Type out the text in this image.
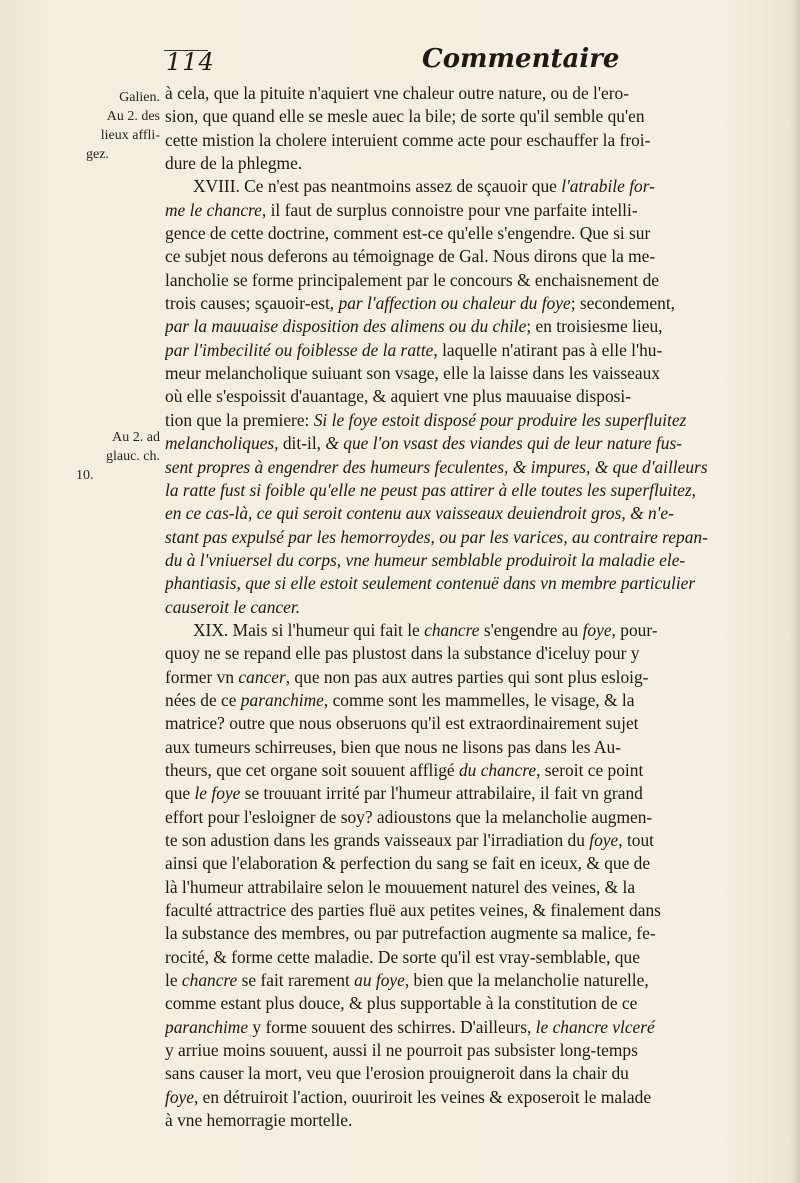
114	Commentaire
Galien.
Au 2. des
lieux affli-
gez.
Au 2. ad
glauc. ch.
10.
à cela, que la pituite n'aquiert vne chaleur outre nature, ou de l'ero-
sion, que quand elle se mesle auec la bile; de sorte qu'il semble qu'en
cette mistion la cholere interuient comme acte pour eschauffer la froi-
dure de la phlegme.
XVIII. Ce n'est pas neantmoins assez de sçauoir que l'atrabile for-
me le chancre, il faut de surplus connoistre pour vne parfaite intelli-
gence de cette doctrine, comment est-ce qu'elle s'engendre. Que si sur
ce subjet nous deferons au témoignage de Gal. Nous dirons que la me-
lancholie se forme principalement par le concours & enchaisnement de
trois causes; sçauoir-est, par l'affection ou chaleur du foye; secondement,
par la mauuaise disposition des alimens ou du chile; en troisiesme lieu,
par l'imbecilité ou foiblesse de la ratte, laquelle n'atirant pas à elle l'hu-
meur melancholique suiuant son vsage, elle la laisse dans les vaisseaux
où elle s'espoissit d'auantage, & aquiert vne plus mauuaise disposi-
tion que la premiere: Si le foye estoit disposé pour produire les superfluitez
melancholiques, dit-il, & que l'on vsast des viandes qui de leur nature fus-
sent propres à engendrer des humeurs feculentes, & impures, & que d'ailleurs
la ratte fust si foible qu'elle ne peust pas attirer à elle toutes les superfluitez,
en ce cas-là, ce qui seroit contenu aux vaisseaux deuiendroit gros, & n'e-
stant pas expulsé par les hemorroydes, ou par les varices, au contraire repan-
du à l'vniuersel du corps, vne humeur semblable produiroit la maladie ele-
phantiasis, que si elle estoit seulement contenuë dans vn membre particulier
causeroit le cancer.
XIX. Mais si l'humeur qui fait le chancre s'engendre au foye, pour-
quoy ne se repand elle pas plustost dans la substance d'iceluy pour y
former vn cancer, que non pas aux autres parties qui sont plus esloig-
nées de ce paranchime, comme sont les mammelles, le visage, & la
matrice? outre que nous obseruons qu'il est extraordinairement sujet
aux tumeurs schirreuses, bien que nous ne lisons pas dans les Au-
theurs, que cet organe soit souuent affligé du chancre, seroit ce point
que le foye se trouuant irrité par l'humeur attrabilaire, il fait vn grand
effort pour l'esloigner de soy? adioustons que la melancholie augmen-
te son adustion dans les grands vaisseaux par l'irradiation du foye, tout
ainsi que l'elaboration & perfection du sang se fait en iceux, & que de
là l'humeur attrabilaire selon le mouuement naturel des veines, & la
faculté attractrice des parties fluë aux petites veines, & finalement dans
la substance des membres, ou par putrefaction augmente sa malice, fe-
rocité, & forme cette maladie. De sorte qu'il est vray-semblable, que
le chancre se fait rarement au foye, bien que la melancholie naturelle,
comme estant plus douce, & plus supportable à la constitution de ce
paranchime y forme souuent des schirres. D'ailleurs, le chancre vlceré
y arriue moins souuent, aussi il ne pourroit pas subsister long-temps
sans causer la mort, veu que l'erosion prouigneroit dans la chair du
foye, en détruiroit l'action, ouuriroit les veines & exposeroit le malade
à vne hemorragie mortelle.
